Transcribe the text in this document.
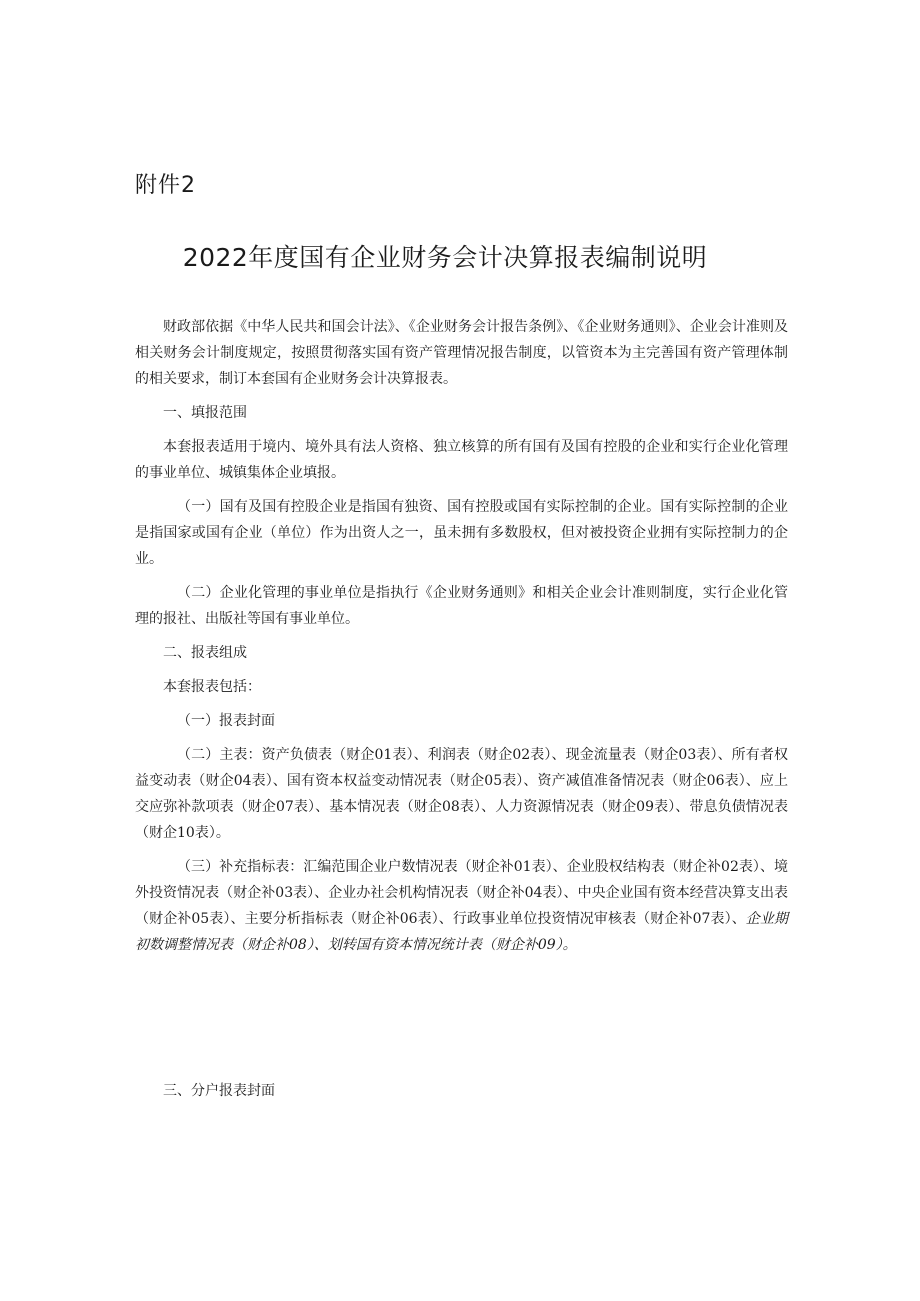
附件2
2022年度国有企业财务会计决算报表编制说明

财政部依据《中华人民共和国会计法》、《企业财务会计报告条例》、《企业财务通则》、企业会计准则及相关财务会计制度规定，按照贯彻落实国有资产管理情况报告制度，以管资本为主完善国有资产管理体制的相关要求，制订本套国有企业财务会计决算报表。

一、填报范围

本套报表适用于境内、境外具有法人资格、独立核算的所有国有及国有控股的企业和实行企业化管理的事业单位、城镇集体企业填报。

（一）国有及国有控股企业是指国有独资、国有控股或国有实际控制的企业。国有实际控制的企业是指国家或国有企业（单位）作为出资人之一，虽未拥有多数股权，但对被投资企业拥有实际控制力的企业。

（二）企业化管理的事业单位是指执行《企业财务通则》和相关企业会计准则制度，实行企业化管理的报社、出版社等国有事业单位。

二、报表组成

本套报表包括：

（一）报表封面

（二）主表：资产负债表（财企01表）、利润表（财企02表）、现金流量表（财企03表）、所有者权益变动表（财企04表）、国有资本权益变动情况表（财企05表）、资产减值准备情况表（财企06表）、应上交应弥补款项表（财企07表）、基本情况表（财企08表）、人力资源情况表（财企09表）、带息负债情况表（财企10表）。

（三）补充指标表：汇编范围企业户数情况表（财企补01表）、企业股权结构表（财企补02表）、境外投资情况表（财企补03表）、企业办社会机构情况表（财企补04表）、中央企业国有资本经营决算支出表（财企补05表）、主要分析指标表（财企补06表）、行政事业单位投资情况审核表（财企补07表）、企业期初数调整情况表（财企补08）、划转国有资本情况统计表（财企补09）。

三、分户报表封面
